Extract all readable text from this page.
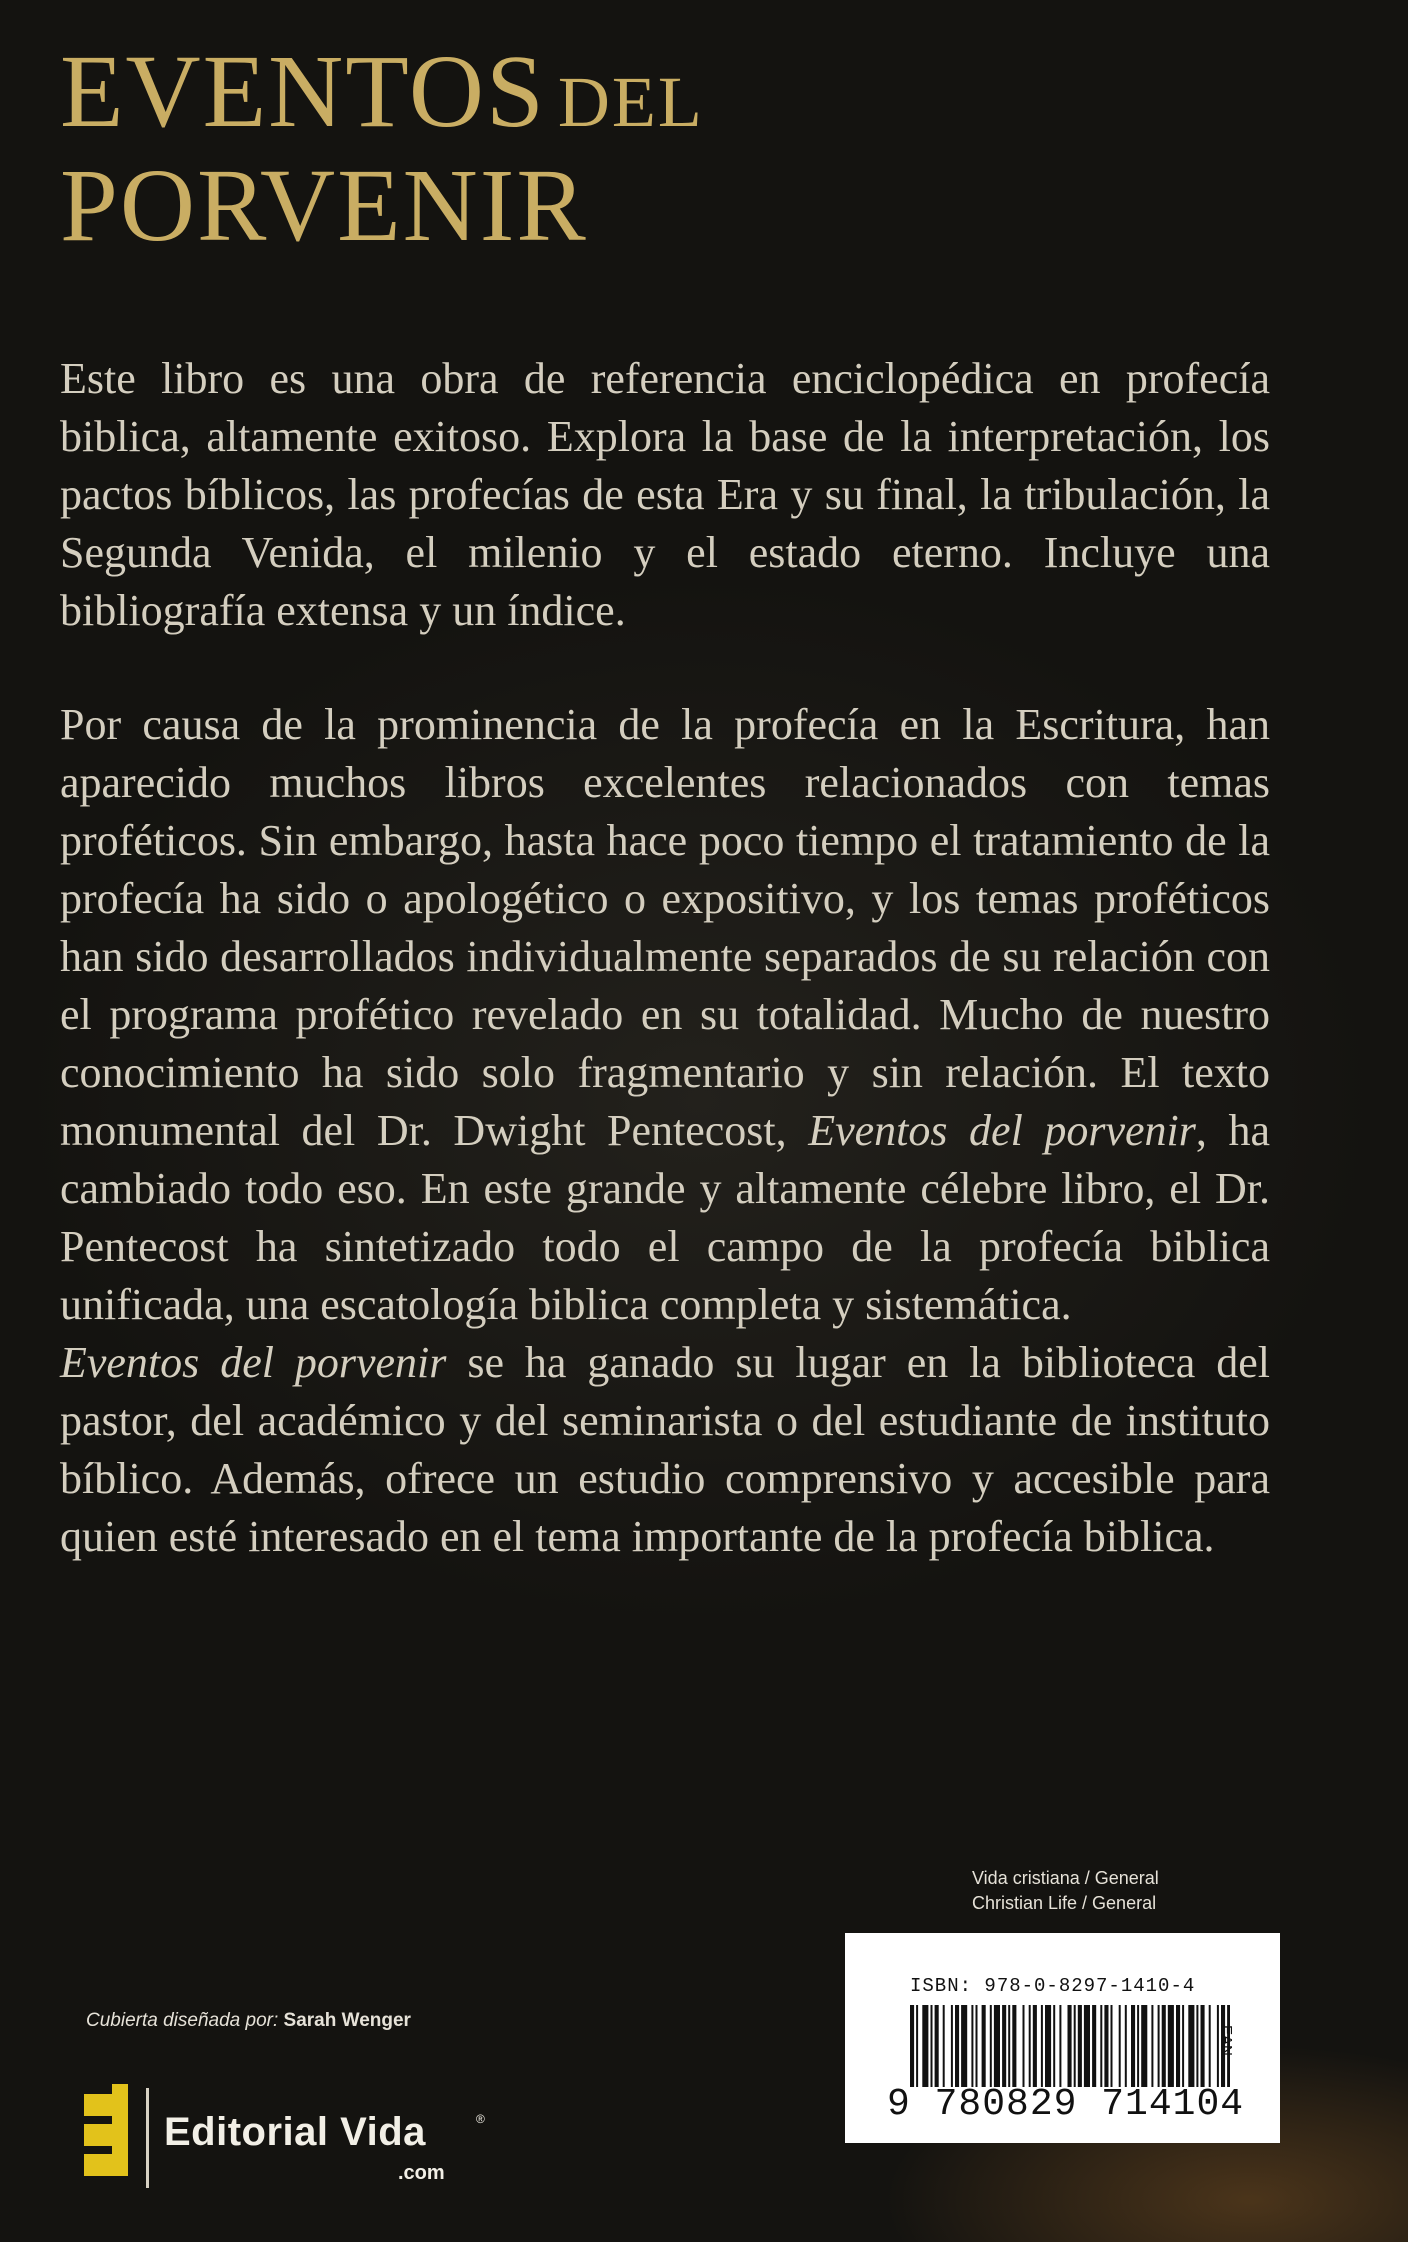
EVENTOS DEL
PORVENIR

Este libro es una obra de referencia enciclopédica en profecía biblica, altamente exitoso. Explora la base de la interpretación, los pactos bíblicos, las profecías de esta Era y su final, la tribulación, la Segunda Venida, el milenio y el estado eterno. Incluye una bibliografía extensa y un índice.

Por causa de la prominencia de la profecía en la Escritura, han aparecido muchos libros excelentes relacionados con temas proféticos. Sin embargo, hasta hace poco tiempo el tratamiento de la profecía ha sido o apologético o expositivo, y los temas proféticos han sido desarrollados individualmente separados de su relación con el programa profético revelado en su totalidad. Mucho de nuestro conocimiento ha sido solo fragmentario y sin relación. El texto monumental del Dr. Dwight Pentecost, Eventos del porvenir, ha cambiado todo eso. En este grande y altamente célebre libro, el Dr. Pentecost ha sintetizado todo el campo de la profecía biblica unificada, una escatología biblica completa y sistemática.

Eventos del porvenir se ha ganado su lugar en la biblioteca del pastor, del académico y del seminarista o del estudiante de instituto bíblico. Además, ofrece un estudio comprensivo y accesible para quien esté interesado en el tema importante de la profecía biblica.

Vida cristiana / General
Christian Life / General
ISBN: 978-0-8297-1410-4
EAN
9 780829 714104
Cubierta diseñada por: Sarah Wenger
Editorial Vida	®
.com
